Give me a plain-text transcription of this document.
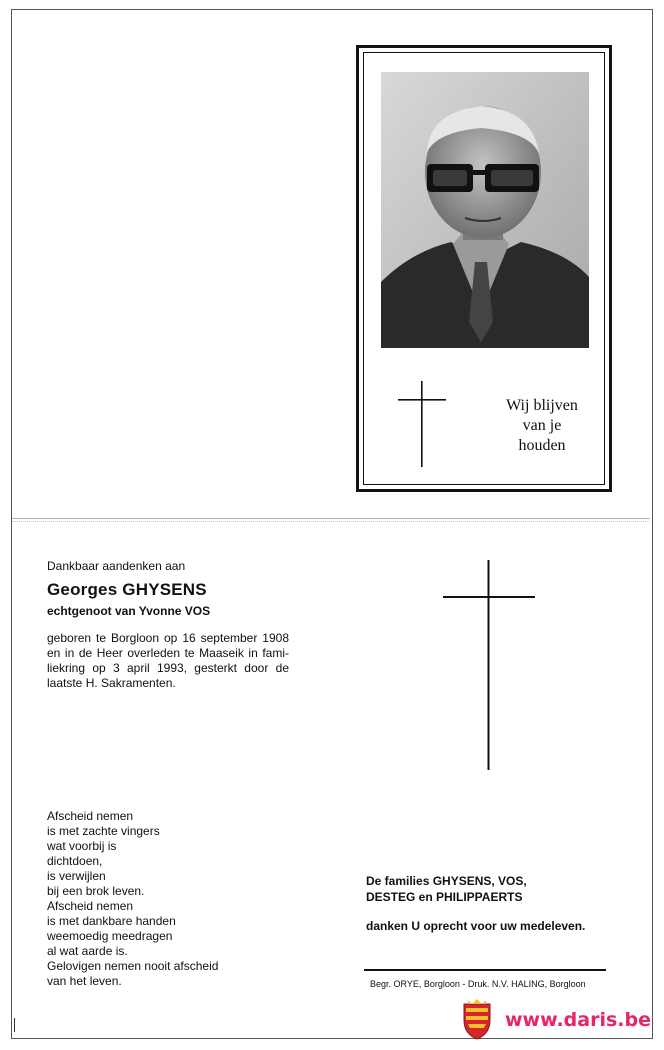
Wij blijven
van je
houden
Dankbaar aandenken aan
Georges GHYSENS
echtgenoot van Yvonne VOS
geboren te Borgloon op 16 september 1908
en in de Heer overleden te Maaseik in fami-
liekring op 3 april 1993, gesterkt door de
laatste H. Sakramenten.
Afscheid nemen
is met zachte vingers
wat voorbij is
dichtdoen,
is verwijlen
bij een brok leven.
Afscheid nemen
is met dankbare handen
weemoedig meedragen
al wat aarde is.
Gelovigen nemen nooit afscheid
van het leven.
De families GHYSENS, VOS,
DESTEG en PHILIPPAERTS
danken U oprecht voor uw medeleven.
Begr. ORYE, Borgloon - Druk. N.V. HALING, Borgloon
www.daris.be
